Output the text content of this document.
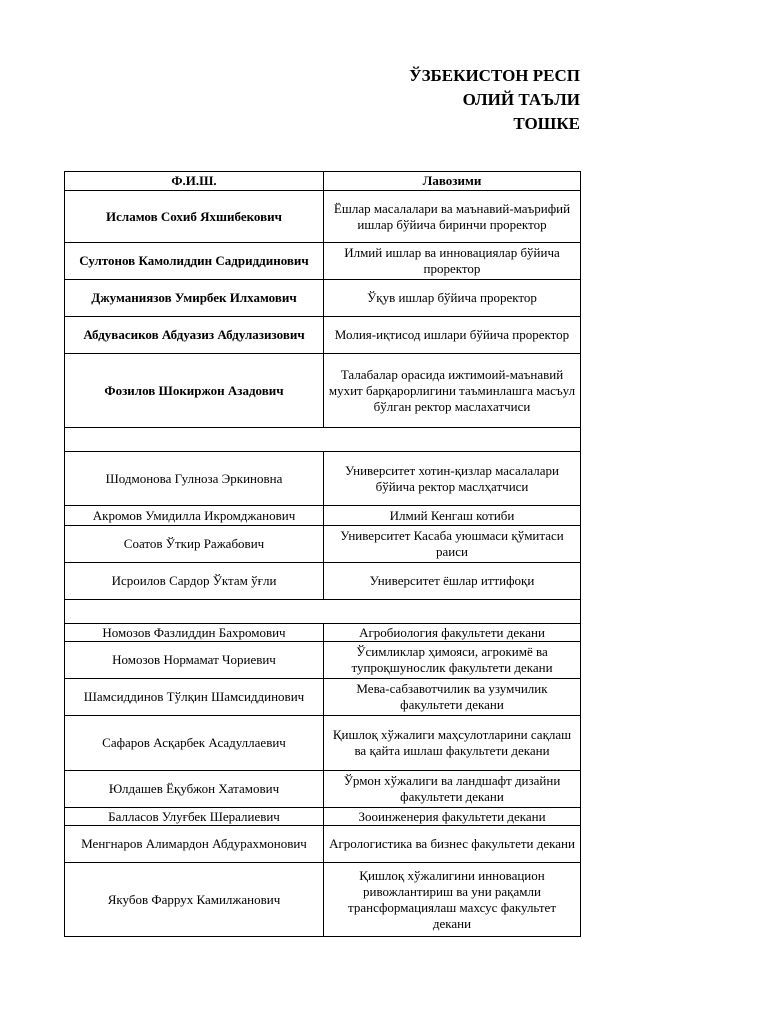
ЎЗБЕКИСТОН РЕСП
ОЛИЙ ТАЪЛИ
ТОШКЕ
Ф.И.Ш.	Лавозими
Исламов Сохиб Яхшибекович	Ёшлар масалалари ва маънавий-маърифий ишлар бўйича биринчи проректор
Султонов Камолиддин Садриддинович	Илмий ишлар ва инновациялар бўйича проректор
Джуманиязов Умирбек Илхамович	Ўқув ишлар бўйича проректор
Абдувасиков Абдуазиз Абдулазизович	Молия-иқтисод ишлари бўйича проректор
Фозилов Шокиржон Азадович	Талабалар орасида ижтимоий-маънавий мухит барқарорлигини таъминлашга масъул бўлган ректор маслахатчиси

Шодмонова Гулноза Эркиновна	Университет хотин-қизлар масалалари бўйича ректор маслҳатчиси
Акромов Умидилла Икромджанович	Илмий Кенгаш котиби
Соатов Ўткир Ражабович	Университет Касаба уюшмаси қўмитаси раиси
Исроилов Сардор Ўктам ўғли	Университет ёшлар иттифоқи

Номозов Фазлиддин Бахромович	Агробиология факультети декани
Номозов Нормамат Чориевич	Ўсимликлар ҳимояси, агрокимё ва тупроқшунослик факультети декани
Шамсиддинов Тўлқин Шамсиддинович	Мева-сабзавотчилик ва узумчилик факультети декани
Сафаров Асқарбек Асадуллаевич	Қишлоқ хўжалиги маҳсулотларини сақлаш ва қайта ишлаш факультети декани
Юлдашев Ёқубжон Хатамович	Ўрмон хўжалиги ва ландшафт дизайни факультети декани
Балласов Улуғбек Шералиевич	Зооинженерия факультети декани
Менгнаров Алимардон Абдурахмонович	Агрологистика ва бизнес факультети декани
Якубов Фаррух Камилжанович	Қишлоқ хўжалигини инновацион ривожлантириш ва уни рақамли трансформациялаш махсус факультет декани
